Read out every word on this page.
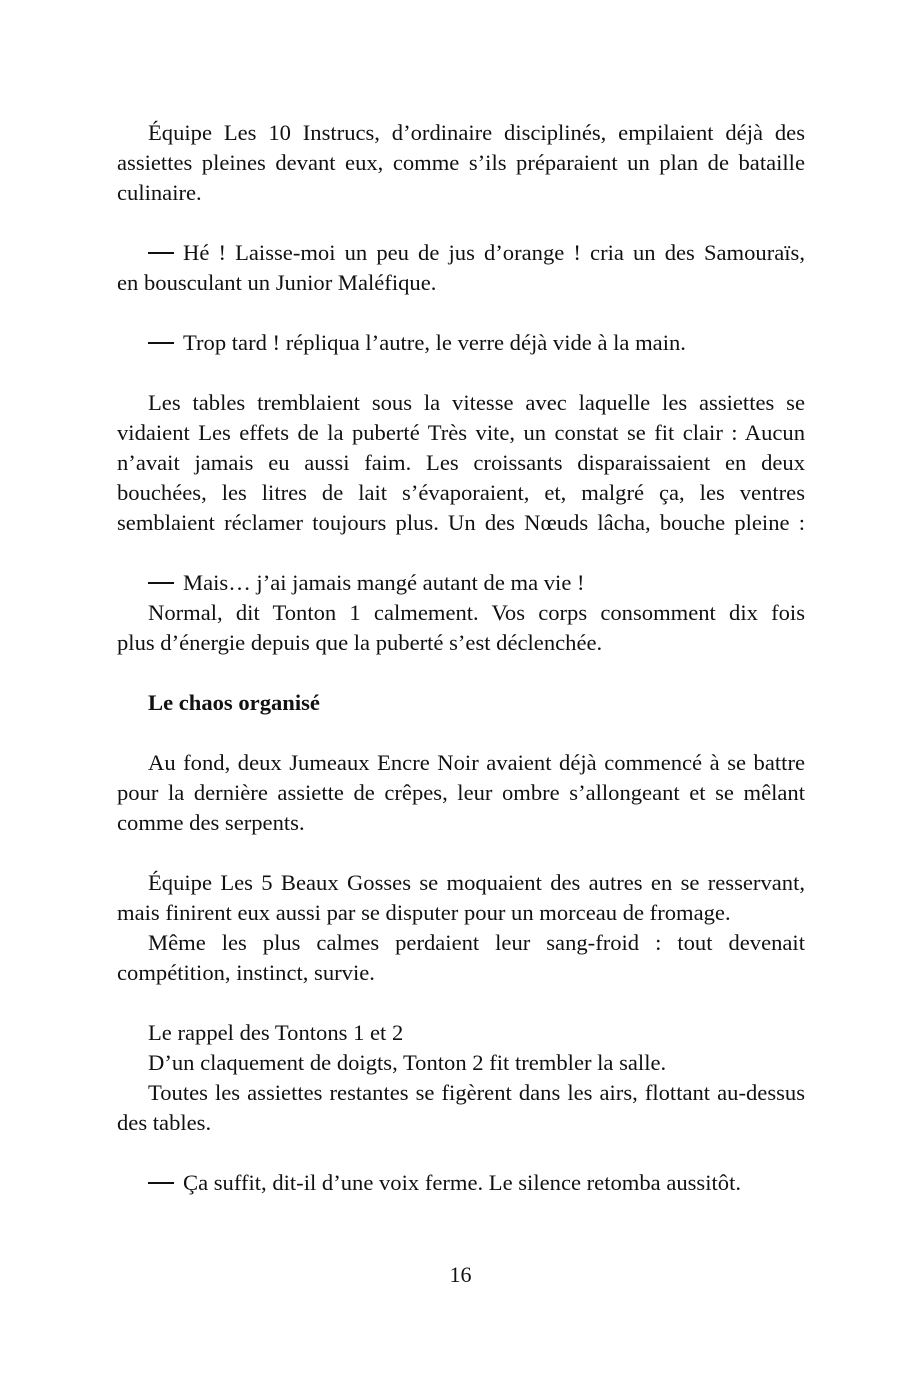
Équipe Les 10 Instrucs, d’ordinaire disciplinés, empilaient déjà des
assiettes pleines devant eux, comme s’ils préparaient un plan de bataille
culinaire.
Hé ! Laisse-moi un peu de jus d’orange ! cria un des Samouraïs,
en bousculant un Junior Maléfique.
Trop tard ! répliqua l’autre, le verre déjà vide à la main.
Les tables tremblaient sous la vitesse avec laquelle les assiettes se
vidaient Les effets de la puberté Très vite, un constat se fit clair : Aucun
n’avait jamais eu aussi faim. Les croissants disparaissaient en deux
bouchées, les litres de lait s’évaporaient, et, malgré ça, les ventres
semblaient réclamer toujours plus. Un des Nœuds lâcha, bouche pleine :
Mais… j’ai jamais mangé autant de ma vie !
Normal, dit Tonton 1 calmement. Vos corps consomment dix fois
plus d’énergie depuis que la puberté s’est déclenchée.
Le chaos organisé
Au fond, deux Jumeaux Encre Noir avaient déjà commencé à se battre
pour la dernière assiette de crêpes, leur ombre s’allongeant et se mêlant
comme des serpents.
Équipe Les 5 Beaux Gosses se moquaient des autres en se resservant,
mais finirent eux aussi par se disputer pour un morceau de fromage.
Même les plus calmes perdaient leur sang-froid : tout devenait
compétition, instinct, survie.
Le rappel des Tontons 1 et 2
D’un claquement de doigts, Tonton 2 fit trembler la salle.
Toutes les assiettes restantes se figèrent dans les airs, flottant au-dessus
des tables.
Ça suffit, dit-il d’une voix ferme. Le silence retomba aussitôt.
16
